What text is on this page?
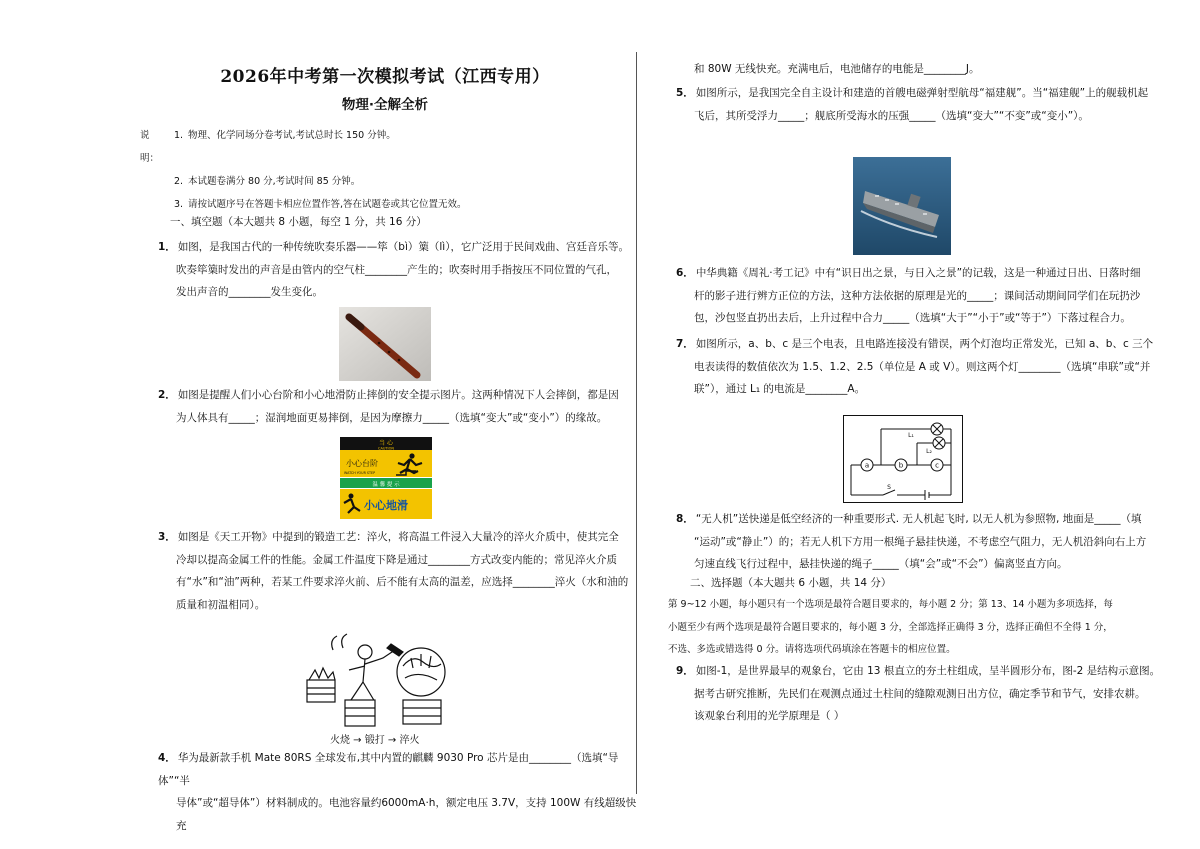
2026年中考第一次模拟考试（江西专用）
物理·全解全析
说明：
1. 物理、化学同场分卷考试,考试总时长 150 分钟。
2. 本试题卷满分 80 分,考试时间 85 分钟。
3. 请按试题序号在答题卡相应位置作答,答在试题卷或其它位置无效。
一、填空题（本大题共 8 小题，每空 1 分，共 16 分）
1． 如图，是我国古代的一种传统吹奏乐器——筚（bì）篥（lì），它广泛用于民间戏曲、宫廷音乐等。
吹奏筚篥时发出的声音是由管内的空气柱________产生的；吹奏时用手指按压不同位置的气孔，
发出声音的________发生变化。
2． 如图是提醒人们小心台阶和小心地滑防止摔倒的安全提示图片。这两种情况下人会摔倒，都是因
为人体具有_____；湿润地面更易摔倒，是因为摩擦力_____（选填“变大”或“变小”）的缘故。
当 心
CAUTION
小心台阶
WATCH YOUR STEP
温 馨 提 示
小心地滑
3． 如图是《天工开物》中提到的锻造工艺：淬火，将高温工件浸入大量冷的淬火介质中，使其完全
冷却以提高金属工件的性能。金属工件温度下降是通过________方式改变内能的；常见淬火介质
有“水”和“油”两种，若某工件要求淬火前、后不能有太高的温差，应选择________淬火（水和油的
质量和初温相同）。
火烧 → 锻打 → 淬火
4． 华为最新款手机 Mate 80RS 全球发布,其中内置的麒麟 9030 Pro 芯片是由________（选填“导体”“半
导体”或“超导体”）材料制成的。电池容量约6000mA·h，额定电压 3.7V，支持 100W 有线超级快充
和 80W 无线快充。充满电后，电池储存的电能是________J。
5． 如图所示，是我国完全自主设计和建造的首艘电磁弹射型航母“福建舰”。当“福建舰”上的舰载机起
飞后，其所受浮力_____；舰底所受海水的压强_____（选填“变大”“不变”或“变小”）。
6． 中华典籍《周礼·考工记》中有“识日出之景，与日入之景”的记载，这是一种通过日出、日落时细
杆的影子进行辨方正位的方法，这种方法依据的原理是光的_____；课间活动期间同学们在玩扔沙
包，沙包竖直扔出去后，上升过程中合力_____（选填“大于”“小于”或“等于”）下落过程合力。
7． 如图所示，a、b、c 是三个电表，且电路连接没有错误，两个灯泡均正常发光，已知 a、b、c 三个
电表读得的数值依次为 1.5、1.2、2.5（单位是 A 或 V）。则这两个灯________（选填“串联”或“并
联”），通过 L₁ 的电流是________A。
a	b	c
L₁
L₂
S
8． “无人机”送快递是低空经济的一种重要形式. 无人机起飞时, 以无人机为参照物, 地面是_____（填
“运动”或“静止”）的；若无人机下方用一根绳子悬挂快递，不考虑空气阻力，无人机沿斜向右上方
匀速直线飞行过程中，悬挂快递的绳子_____（填“会”或“不会”）偏离竖直方向。
二、选择题（本大题共 6 小题，共 14 分）
第 9~12 小题，每小题只有一个选项是最符合题目要求的，每小题 2 分；第 13、14 小题为多项选择，每
小题至少有两个选项是最符合题目要求的，每小题 3 分，全部选择正确得 3 分，选择正确但不全得 1 分，
不选、多选或错选得 0 分。请将选项代码填涂在答题卡的相应位置。
9． 如图-1，是世界最早的观象台，它由 13 根直立的夯土柱组成，呈半圆形分布，图-2 是结构示意图。
据考古研究推断，先民们在观测点通过土柱间的缝隙观测日出方位，确定季节和节气，安排农耕。
该观象台利用的光学原理是（ ）
